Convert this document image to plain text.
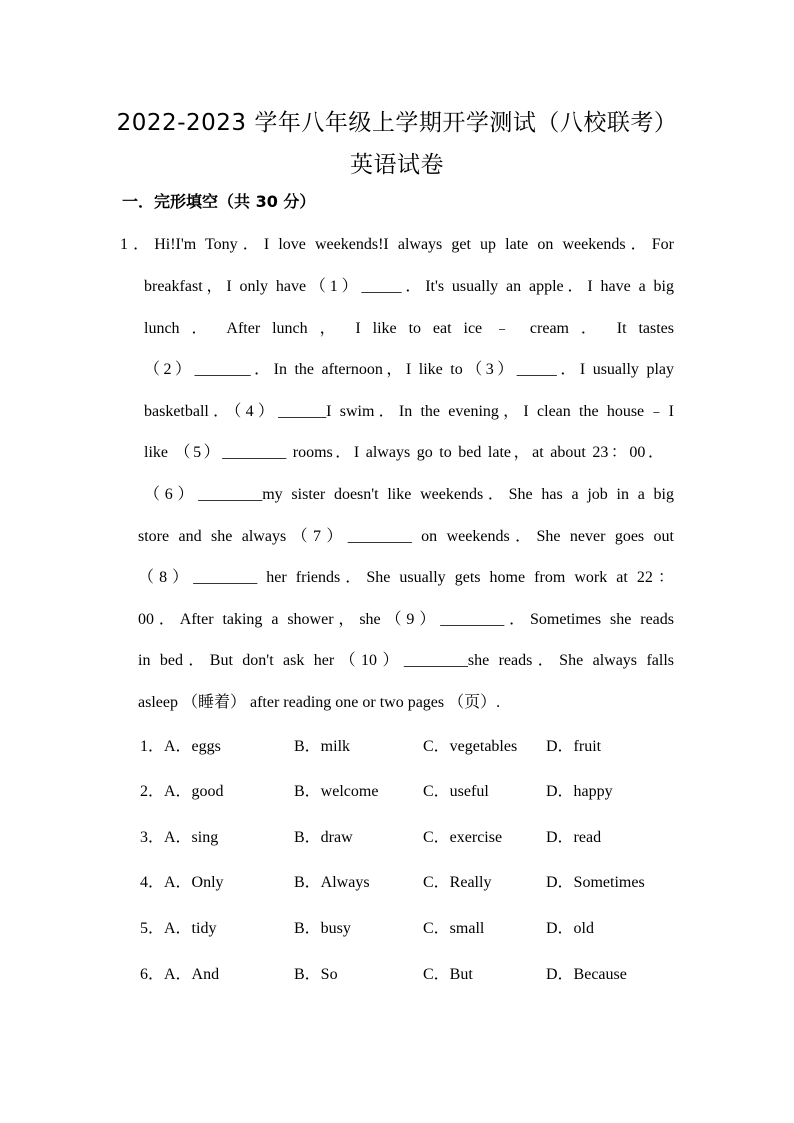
2022-2023 学年八年级上学期开学测试（八校联考）
英语试卷
一．完形填空（共 30 分）
1．Hi!I'm Tony．I love weekends!I always get up late on weekends．For
breakfast，I only have（1）_____．It's usually an apple．I have a big
lunch ． After lunch ， I like to eat ice ﹣ cream ． It tastes
（2）_______．In the afternoon，I like to（3）_____．I usually play
basketball．（4）______I swim．In the evening，I clean the house﹣I
like （5）________ rooms．I always go to bed late，at about 23：00．
（6）________my sister doesn't like weekends．She has a job in a big
store and she always（7）________ on weekends．She never goes out
（8）________ her friends．She usually gets home from work at 22：
00．After taking a shower，she（9）________．Sometimes she reads
in bed．But don't ask her（10）________she reads．She always falls
asleep （睡着） after reading one or two pages （页）.
1． A．eggs	B．milk	C．vegetables D．fruit
2． A．good	B．welcome	C．useful	D．happy
3． A．sing	B．draw	C．exercise	D．read
4． A．Only	B．Always	C．Really	D．Sometimes
5． A．tidy	B．busy	C．small	D．old
6． A．And	B．So	C．But	D．Because
